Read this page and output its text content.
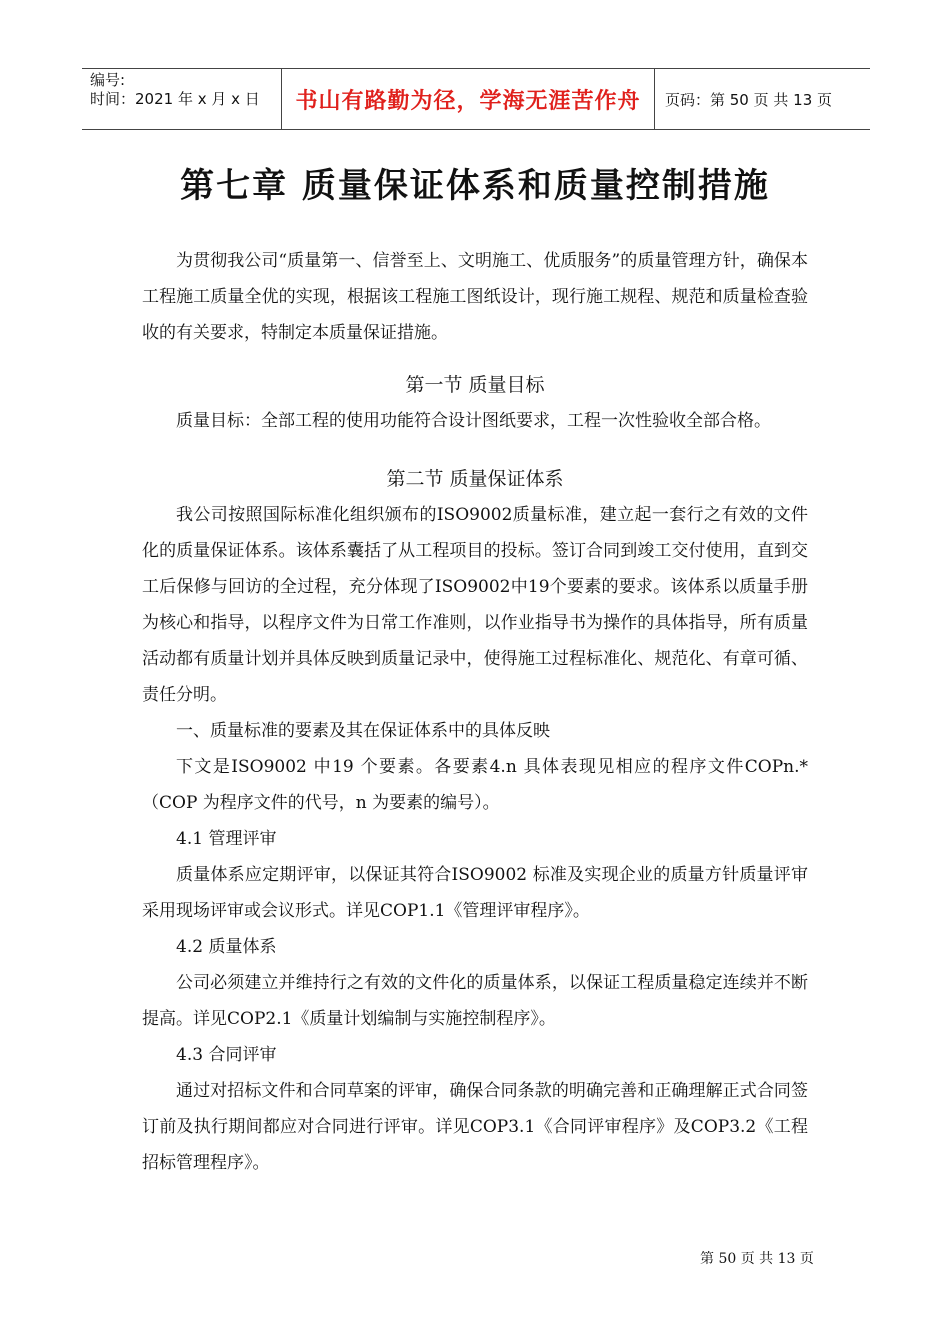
编号:
时间：2021 年 x 月 x 日	书山有路勤为径，学海无涯苦作舟	页码：第 50 页 共 13 页
第七章 质量保证体系和质量控制措施

为贯彻我公司“质量第一、信誉至上、文明施工、优质服务”的质量管理方针，确保本工程施工质量全优的实现，根据该工程施工图纸设计，现行施工规程、规范和质量检查验收的有关要求，特制定本质量保证措施。

第一节 质量目标

质量目标：全部工程的使用功能符合设计图纸要求，工程一次性验收全部合格。

第二节 质量保证体系

我公司按照国际标准化组织颁布的ISO9002质量标准，建立起一套行之有效的文件化的质量保证体系。该体系囊括了从工程项目的投标。签订合同到竣工交付使用，直到交工后保修与回访的全过程，充分体现了ISO9002中19个要素的要求。该体系以质量手册为核心和指导，以程序文件为日常工作准则，以作业指导书为操作的具体指导，所有质量活动都有质量计划并具体反映到质量记录中，使得施工过程标准化、规范化、有章可循、责任分明。

一、质量标准的要素及其在保证体系中的具体反映

下文是ISO9002 中19 个要素。各要素4.n 具体表现见相应的程序文件COPn.*（COP 为程序文件的代号，n 为要素的编号）。

4.1 管理评审

质量体系应定期评审，以保证其符合ISO9002 标准及实现企业的质量方针质量评审采用现场评审或会议形式。详见COP1.1《管理评审程序》。

4.2 质量体系

公司必须建立并维持行之有效的文件化的质量体系，以保证工程质量稳定连续并不断提高。详见COP2.1《质量计划编制与实施控制程序》。

4.3 合同评审

通过对招标文件和合同草案的评审，确保合同条款的明确完善和正确理解正式合同签订前及执行期间都应对合同进行评审。详见COP3.1《合同评审程序》及COP3.2《工程招标管理程序》。

第 50 页 共 13 页
